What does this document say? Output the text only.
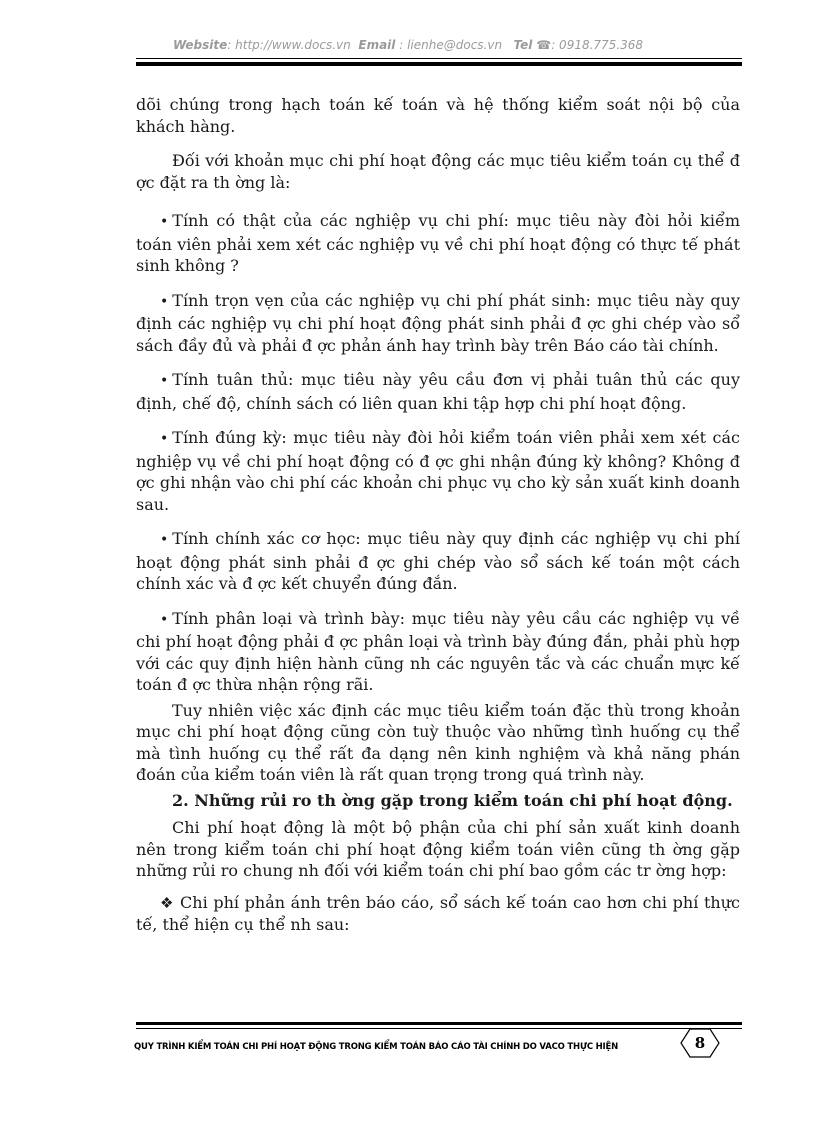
Website: http://www.docs.vn Email : lienhe@docs.vn Tel ☎: 0918.775.368

dõi chúng trong hạch toán kế toán và hệ thống kiểm soát nội bộ của khách hàng.

Đối với khoản mục chi phí hoạt động các mục tiêu kiểm toán cụ thể đ ợc đặt ra th ờng là:

• Tính có thật của các nghiệp vụ chi phí: mục tiêu này đòi hỏi kiểm toán viên phải xem xét các nghiệp vụ về chi phí hoạt động có thực tế phát sinh không ?

• Tính trọn vẹn của các nghiệp vụ chi phí phát sinh: mục tiêu này quy định các nghiệp vụ chi phí hoạt động phát sinh phải đ ợc ghi chép vào sổ sách đầy đủ và phải đ ợc phản ánh hay trình bày trên Báo cáo tài chính.

• Tính tuân thủ: mục tiêu này yêu cầu đơn vị phải tuân thủ các quy định, chế độ, chính sách có liên quan khi tập hợp chi phí hoạt động.

• Tính đúng kỳ: mục tiêu này đòi hỏi kiểm toán viên phải xem xét các nghiệp vụ về chi phí hoạt động có đ ợc ghi nhận đúng kỳ không? Không đ ợc ghi nhận vào chi phí các khoản chi phục vụ cho kỳ sản xuất kinh doanh sau.

• Tính chính xác cơ học: mục tiêu này quy định các nghiệp vụ chi phí hoạt động phát sinh phải đ ợc ghi chép vào sổ sách kế toán một cách chính xác và đ ợc kết chuyển đúng đắn.

• Tính phân loại và trình bày: mục tiêu này yêu cầu các nghiệp vụ về chi phí hoạt động phải đ ợc phân loại và trình bày đúng đắn, phải phù hợp với các quy định hiện hành cũng nh các nguyên tắc và các chuẩn mực kế toán đ ợc thừa nhận rộng rãi.

Tuy nhiên việc xác định các mục tiêu kiểm toán đặc thù trong khoản mục chi phí hoạt động cũng còn tuỳ thuộc vào những tình huống cụ thể mà tình huống cụ thể rất đa dạng nên kinh nghiệm và khả năng phán đoán của kiểm toán viên là rất quan trọng trong quá trình này.

2. Những rủi ro th ờng gặp trong kiểm toán chi phí hoạt động.

Chi phí hoạt động là một bộ phận của chi phí sản xuất kinh doanh nên trong kiểm toán chi phí hoạt động kiểm toán viên cũng th ờng gặp những rủi ro chung nh đối với kiểm toán chi phí bao gồm các tr ờng hợp:

❖ Chi phí phản ánh trên báo cáo, sổ sách kế toán cao hơn chi phí thực tế, thể hiện cụ thể nh sau:

QUY TRÌNH KIỂM TOÁN CHI PHÍ HOẠT ĐỘNG TRONG KIỂM TOÁN BÁO CÁO TÀI CHÍNH DO VACO THỰC HIỆN	8
